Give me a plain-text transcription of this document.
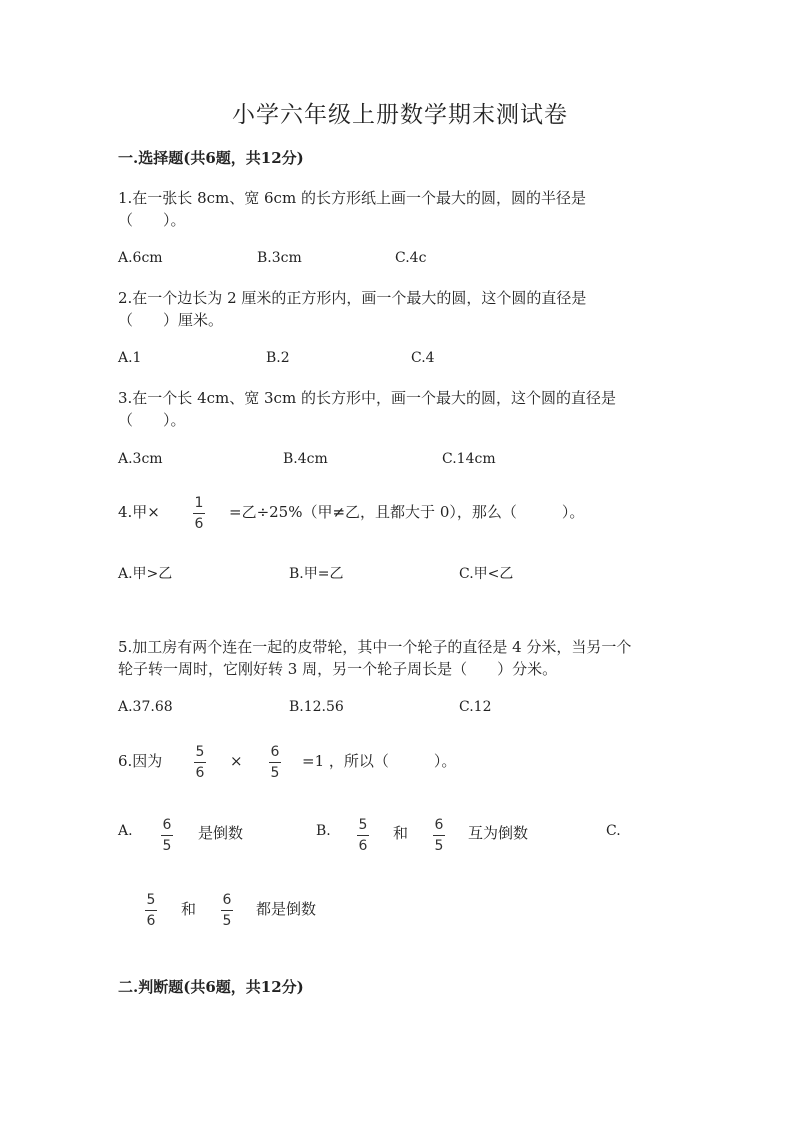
小学六年级上册数学期末测试卷
一.选择题(共6题，共12分)
1.在一张长 8cm、宽 6cm 的长方形纸上画一个最大的圆，圆的半径是
（　　）。
A.6cm	B.3cm	C.4c
2.在一个边长为 2 厘米的正方形内，画一个最大的圆，这个圆的直径是
（　　）厘米。
A.1	B.2	C.4
3.在一个长 4cm、宽 3cm 的长方形中，画一个最大的圆，这个圆的直径是
（　　）。
A.3cm	B.4cm	C.14cm
4.甲× 1
6
=乙÷25%（甲≠乙，且都大于 0），那么（　　　）。
A.甲>乙	B.甲=乙	C.甲<乙
5.加工房有两个连在一起的皮带轮，其中一个轮子的直径是 4 分米，当另一个
轮子转一周时，它刚好转 3 周，另一个轮子周长是（　　）分米。
A.37.68	B.12.56	C.12
6.因为 5
6
× 6
5
=1 ，所以（　　　）。
A. 6
5
是倒数	B. 5
6
和 6
5
互为倒数	C.
5
6
和 6
5
都是倒数
二.判断题(共6题，共12分)
